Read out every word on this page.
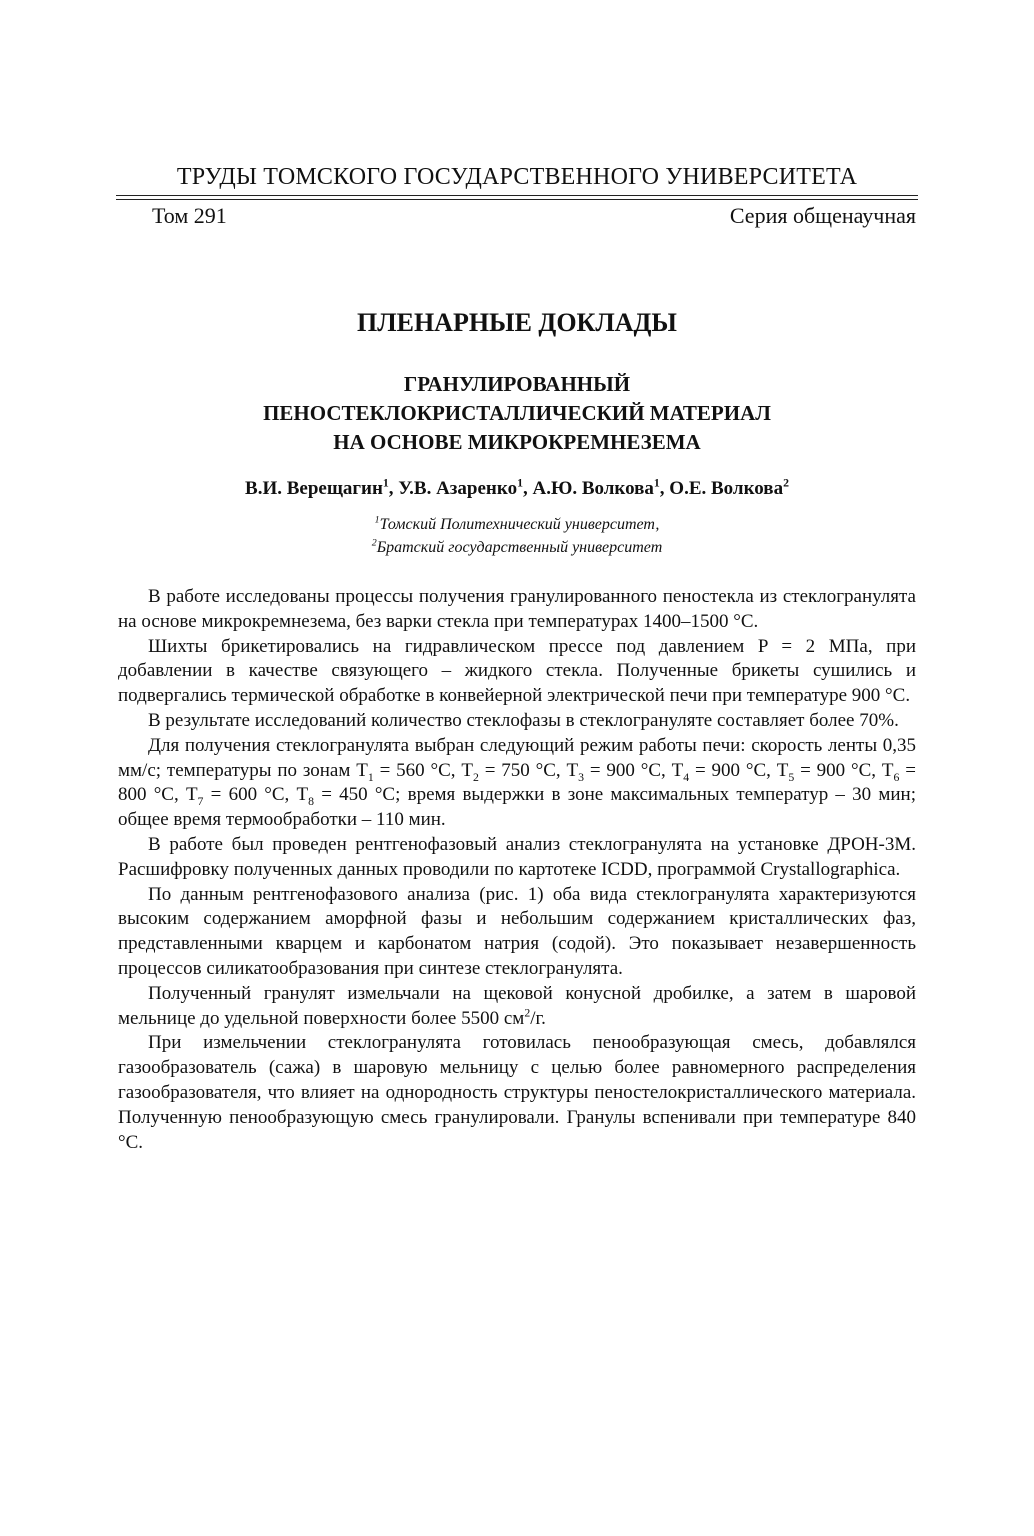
ТРУДЫ ТОМСКОГО ГОСУДАРСТВЕННОГО УНИВЕРСИТЕТА
Том 291	Серия общенаучная
ПЛЕНАРНЫЕ ДОКЛАДЫ
ГРАНУЛИРОВАННЫЙ
ПЕНОСТЕКЛОКРИСТАЛЛИЧЕСКИЙ МАТЕРИАЛ
НА ОСНОВЕ МИКРОКРЕМНЕЗЕМА
В.И. Верещагин$^1$, У.В. Азаренко$^1$, А.Ю. Волкова$^1$, О.Е. Волкова$^2$
$^1$Томский Политехнический университет,
$^2$Братский государственный университет

В работе исследованы процессы получения гранулированного пеностекла из стеклогранулята на основе микрокремнезема, без варки стекла при температурах 1400–1500 °С.

Шихты брикетировались на гидравлическом прессе под давлением P = 2 МПа, при добавлении в качестве связующего – жидкого стекла. Полученные брикеты сушились и подвергались термической обработке в конвейерной электрической печи при температуре 900 °С.

В результате исследований количество стеклофазы в стеклогрануляте составляет более 70%.

Для получения стеклогранулята выбран следующий режим работы печи: скорость ленты 0,35 мм/с; температуры по зонам $T_1 = 560$ °С, $T_2 = 750$ °С, $T_3 = 900$ °С, $T_4 = 900$ °С, $T_5 = 900$ °С, $T_6 = 800$ °С, $T_7 = 600$ °С, $T_8 = 450$ °С; время выдержки в зоне максимальных температур – 30 мин; общее время термообработки – 110 мин.

В работе был проведен рентгенофазовый анализ стеклогранулята на установке ДРОН-3М. Расшифровку полученных данных проводили по картотеке ICDD, программой Crystallographica.

По данным рентгенофазового анализа (рис. 1) оба вида стеклогранулята характеризуются высоким содержанием аморфной фазы и небольшим содержанием кристаллических фаз, представленными кварцем и карбонатом натрия (содой). Это показывает незавершенность процессов силикатообразования при синтезе стеклогранулята.

Полученный гранулят измельчали на щековой конусной дробилке, а затем в шаровой мельнице до удельной поверхности более 5500 $см^2/г$.

При измельчении стеклогранулята готовилась пенообразующая смесь, добавлялся газообразователь (сажа) в шаровую мельницу с целью более равномерного распределения газообразователя, что влияет на однородность структуры пеностелокристаллического материала. Полученную пенообразующую смесь гранулировали. Гранулы вспенивали при температуре 840 °С.
